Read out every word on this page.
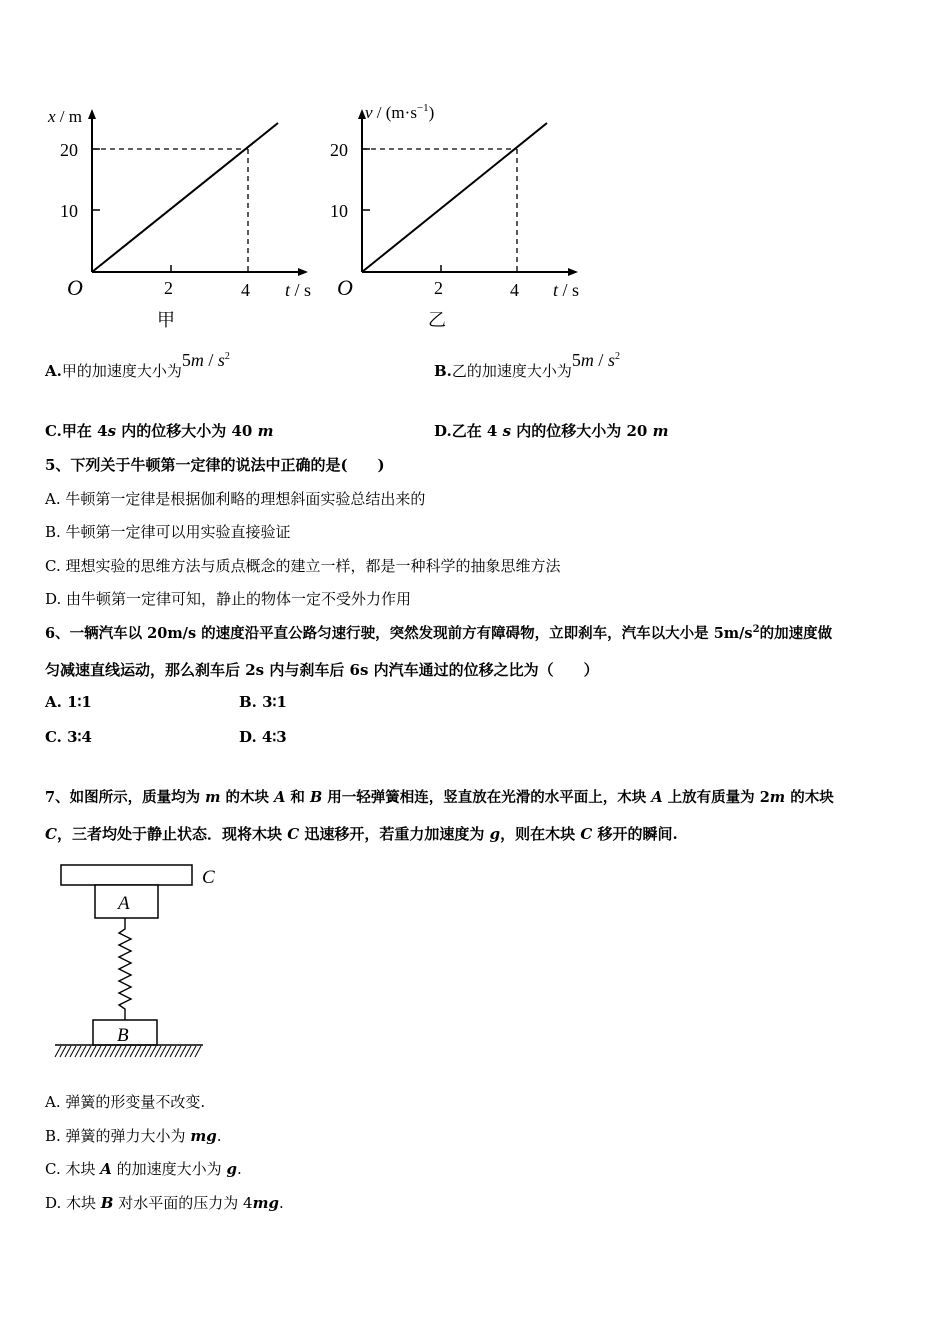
x / m
20
10
O	2	4 t / s
甲
$v / (m\cdot s^{-1})$
20
10
O	2	4 t / s
乙
A.甲的加速度大小为$5m / s^2$
B.乙的加速度大小为$5m / s^2$
C.甲在 4s 内的位移大小为 40 m	D.乙在 4 s 内的位移大小为 20 m
5、下列关于牛顿第一定律的说法中正确的是(　　)
A. 牛顿第一定律是根据伽利略的理想斜面实验总结出来的
B. 牛顿第一定律可以用实验直接验证
C. 理想实验的思维方法与质点概念的建立一样，都是一种科学的抽象思维方法
D. 由牛顿第一定律可知，静止的物体一定不受外力作用
6、一辆汽车以 20m/s 的速度沿平直公路匀速行驶，突然发现前方有障碍物，立即刹车，汽车以大小是 $5m/s^2$的加速度做
匀减速直线运动，那么刹车后 2s 内与刹车后 6s 内汽车通过的位移之比为（　　）
A. 1∶1	B. 3∶1
C. 3∶4	D. 4∶3
7、如图所示，质量均为 m 的木块 A 和 B 用一轻弹簧相连，竖直放在光滑的水平面上，木块 A 上放有质量为 2m 的木块
C，三者均处于静止状态．现将木块 C 迅速移开，若重力加速度为 g，则在木块 C 移开的瞬间.
C
A
B
A. 弹簧的形变量不改变.
B. 弹簧的弹力大小为 mg.
C. 木块 A 的加速度大小为 g.
D. 木块 B 对水平面的压力为 4mg.
